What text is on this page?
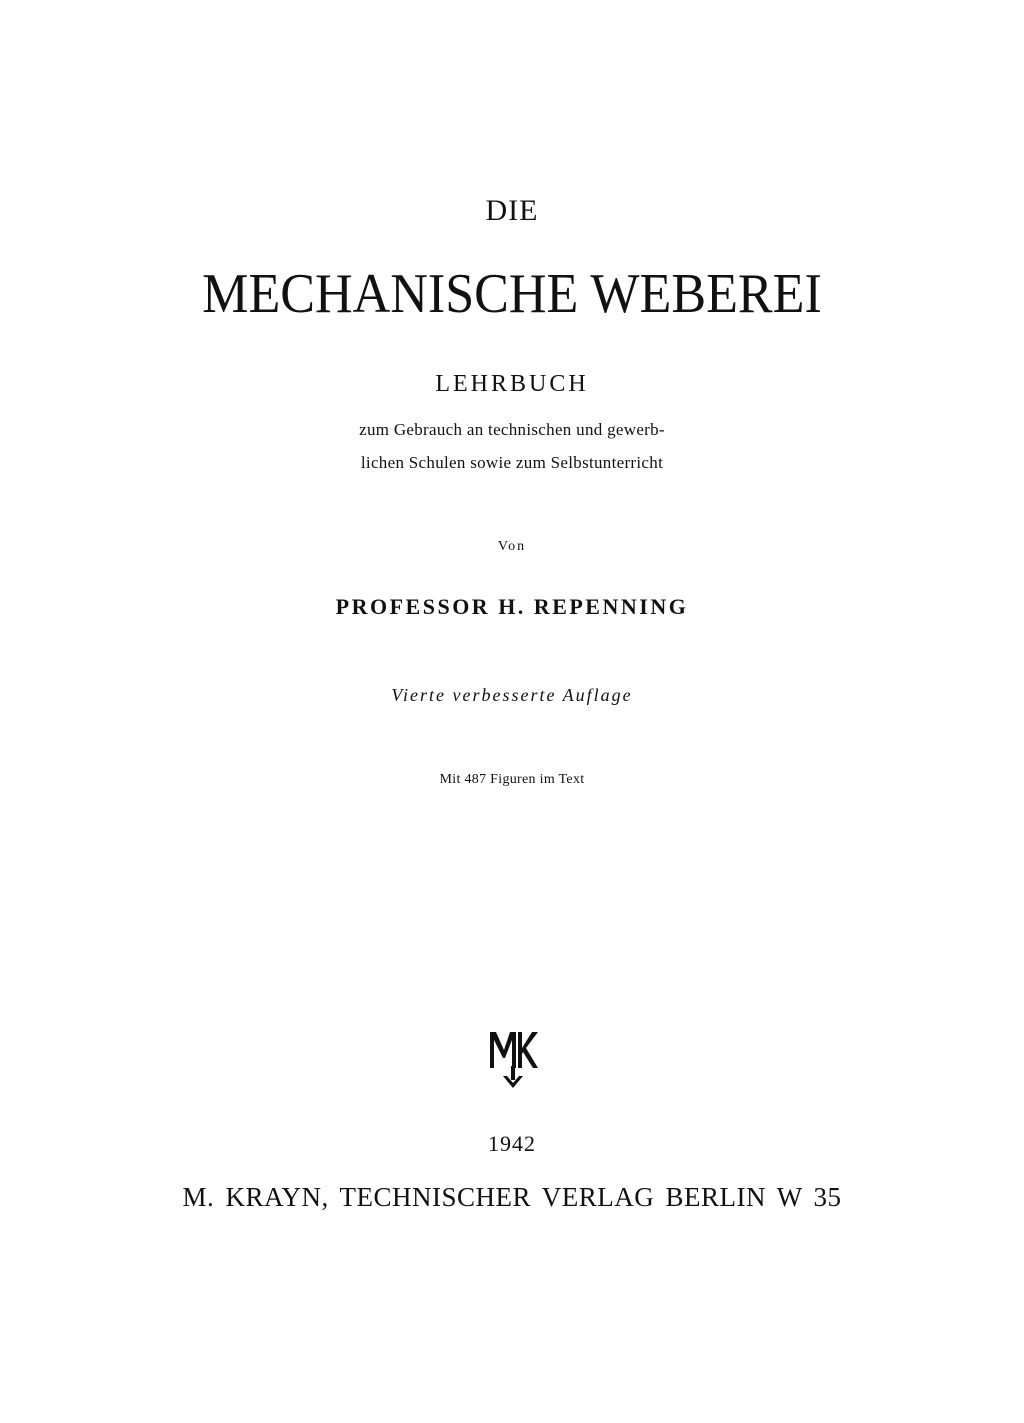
DIE
MECHANISCHE WEBEREI
LEHRBUCH
zum Gebrauch an technischen und gewerb-
lichen Schulen sowie zum Selbstunterricht
Von
PROFESSOR H. REPENNING
Vierte verbesserte Auflage
Mit 487 Figuren im Text
1942
M. KRAYN, TECHNISCHER VERLAG BERLIN W 35
